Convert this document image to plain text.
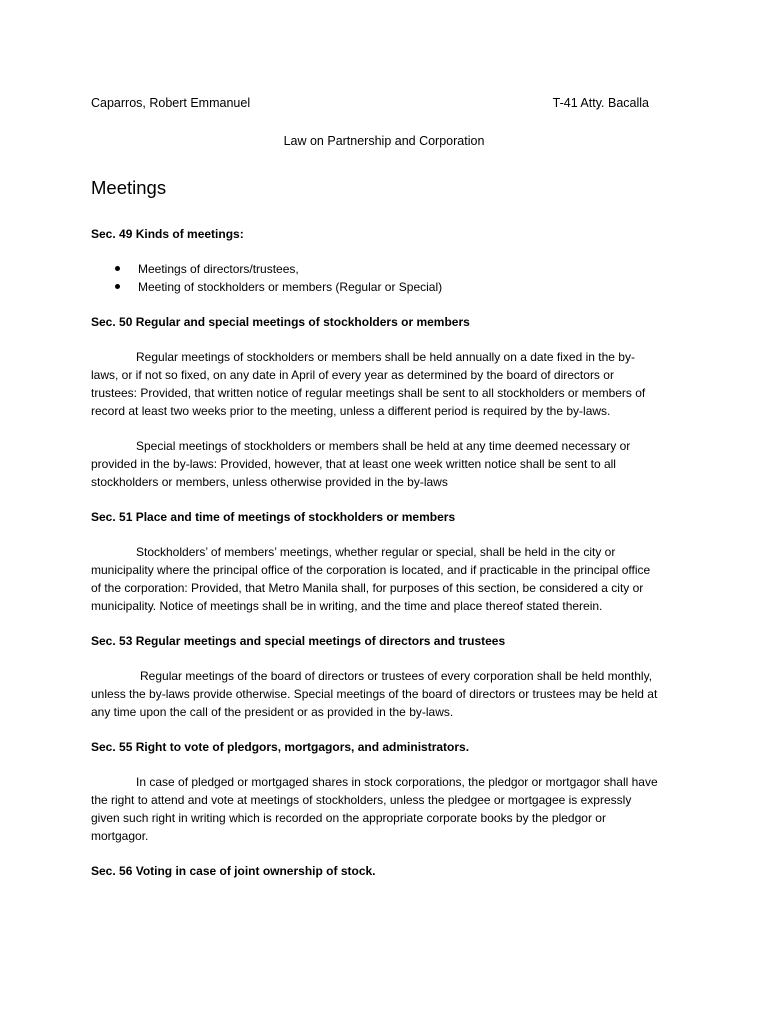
Caparros, Robert Emmanuel	T-41 Atty. Bacalla
Law on Partnership and Corporation
Meetings

Sec. 49 Kinds of meetings:

Meetings of directors/trustees,
Meeting of stockholders or members (Regular or Special)

Sec. 50 Regular and special meetings of stockholders or members

Regular meetings of stockholders or members shall be held annually on a date fixed in the by-laws, or if not so fixed, on any date in April of every year as determined by the board of directors or trustees: Provided, that written notice of regular meetings shall be sent to all stockholders or members of record at least two weeks prior to the meeting, unless a different period is required by the by-laws.

Special meetings of stockholders or members shall be held at any time deemed necessary or provided in the by-laws: Provided, however, that at least one week written notice shall be sent to all stockholders or members, unless otherwise provided in the by-laws

Sec. 51 Place and time of meetings of stockholders or members

Stockholders’ of members’ meetings, whether regular or special, shall be held in the city or municipality where the principal office of the corporation is located, and if practicable in the principal office of the corporation: Provided, that Metro Manila shall, for purposes of this section, be considered a city or municipality. Notice of meetings shall be in writing, and the time and place thereof stated therein.

Sec. 53 Regular meetings and special meetings of directors and trustees

Regular meetings of the board of directors or trustees of every corporation shall be held monthly, unless the by-laws provide otherwise. Special meetings of the board of directors or trustees may be held at any time upon the call of the president or as provided in the by-laws.

Sec. 55 Right to vote of pledgors, mortgagors, and administrators.

In case of pledged or mortgaged shares in stock corporations, the pledgor or mortgagor shall have the right to attend and vote at meetings of stockholders, unless the pledgee or mortgagee is expressly given such right in writing which is recorded on the appropriate corporate books by the pledgor or mortgagor.

Sec. 56 Voting in case of joint ownership of stock.
